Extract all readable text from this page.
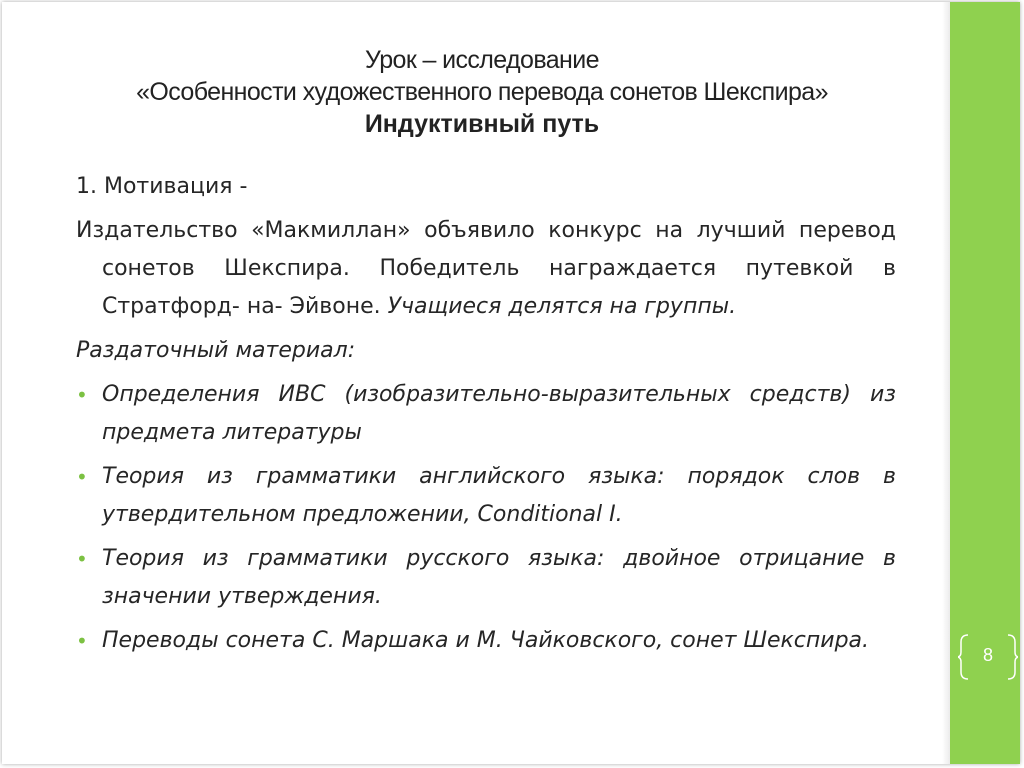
Урок – исследование
«Особенности художественного перевода сонетов Шекспира»
Индуктивный путь

1. Мотивация -

Издательство «Макмиллан» объявило конкурс на лучший перевод сонетов Шекспира. Победитель награждается путевкой в Стратфорд- на- Эйвоне. Учащиеся делятся на группы.

Раздаточный материал:

• Определения ИВС (изобразительно-выразительных средств) из предмета литературы
• Теория из грамматики английского языка: порядок слов в утвердительном предложении, Conditional I.
• Теория из грамматики русского языка: двойное отрицание в значении утверждения.
• Переводы сонета С. Маршака и М. Чайковского, сонет Шекспира.
8
